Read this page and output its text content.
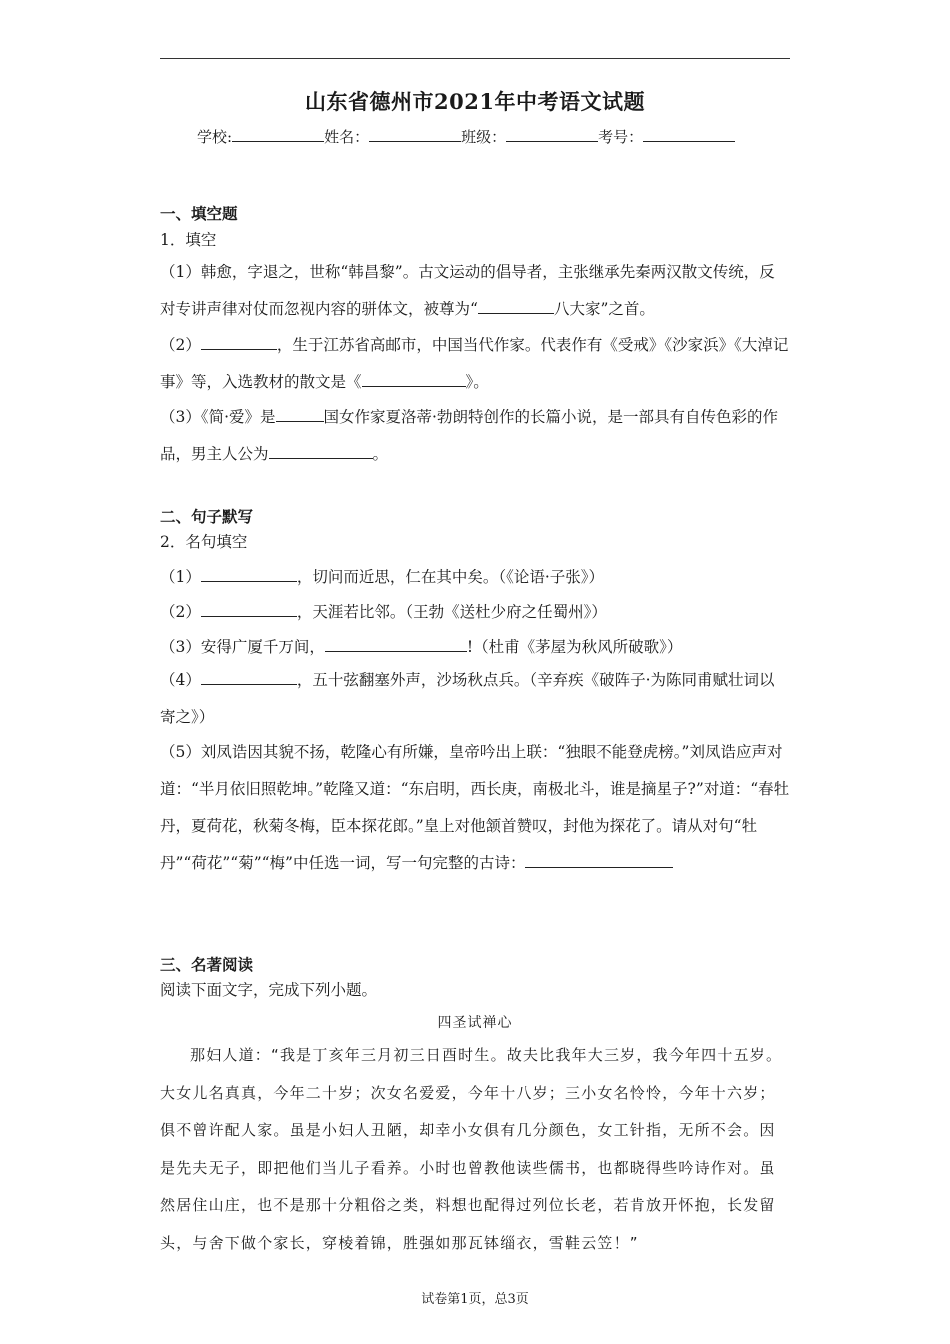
山东省德州市2021年中考语文试题
学校:	姓名：	班级：	考号：
一、填空题
1．填空
（1）韩愈，字退之，世称“韩昌黎”。古文运动的倡导者，主张继承先秦两汉散文传统，反对专讲声律对仗而忽视内容的骈体文，被尊为“	八大家”之首。
（2）	，生于江苏省高邮市，中国当代作家。代表作有《受戒》《沙家浜》《大淖记事》等，入选教材的散文是《	》。
（3）《简·爱》是	国女作家夏洛蒂·勃朗特创作的长篇小说，是一部具有自传色彩的作品，男主人公为	。
二、句子默写
2．名句填空
（1）	，切问而近思，仁在其中矣。（《论语·子张》）
（2）	，天涯若比邻。（王勃《送杜少府之任蜀州》）
（3）安得广厦千万间，	!（杜甫《茅屋为秋风所破歌》）
（4）	，五十弦翻塞外声，沙场秋点兵。（辛弃疾《破阵子·为陈同甫赋壮词以寄之》）
（5）刘凤诰因其貌不扬，乾隆心有所嫌，皇帝吟出上联：“独眼不能登虎榜。”刘凤诰应声对道：“半月依旧照乾坤。”乾隆又道：“东启明，西长庚，南极北斗，谁是摘星子?”对道：“春牡丹，夏荷花，秋菊冬梅，臣本探花郎。”皇上对他颔首赞叹，封他为探花了。请从对句“牡丹”“荷花”“菊”“梅”中任选一词，写一句完整的古诗：
三、名著阅读
阅读下面文字，完成下列小题。
四圣试禅心
那妇人道：“我是丁亥年三月初三日酉时生。故夫比我年大三岁，我今年四十五岁。大女儿名真真，今年二十岁；次女名爱爱，今年十八岁；三小女名怜怜，今年十六岁；俱不曾许配人家。虽是小妇人丑陋，却幸小女俱有几分颜色，女工针指，无所不会。因是先夫无子，即把他们当儿子看养。小时也曾教他读些儒书，也都晓得些吟诗作对。虽然居住山庄，也不是那十分粗俗之类，料想也配得过列位长老，若肯放开怀抱，长发留头，与舍下做个家长，穿棱着锦，胜强如那瓦钵缁衣，雪鞋云笠！”
试卷第1页，总3页
